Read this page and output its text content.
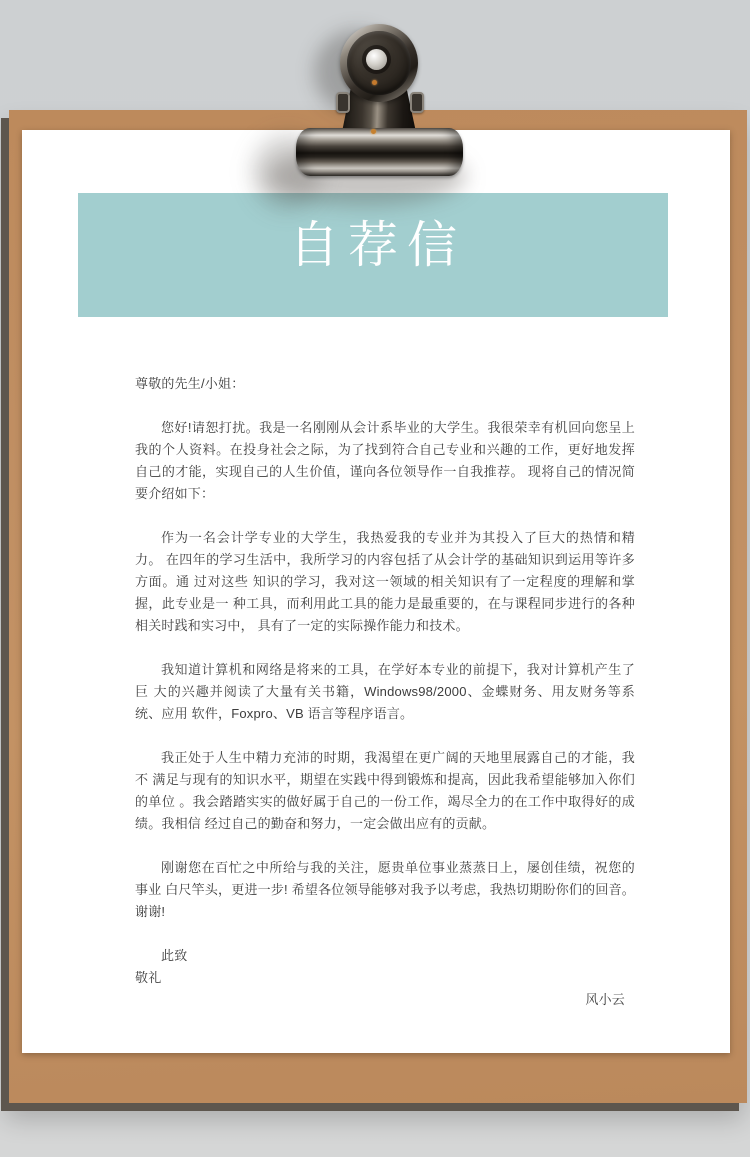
自荐信

尊敬的先生/小姐：

您好!请恕打扰。我是一名刚刚从会计系毕业的大学生。我很荣幸有机回向您呈上我的个人资料。在投身社会之际，为了找到符合自己专业和兴趣的工作，更好地发挥自己的才能，实现自己的人生价值，谨向各位领导作一自我推荐。 现将自己的情况简要介绍如下：

作为一名会计学专业的大学生，我热爱我的专业并为其投入了巨大的热情和精力。 在四年的学习生活中，我所学习的内容包括了从会计学的基础知识到运用等许多方面。通 过对这些 知识的学习，我对这一领域的相关知识有了一定程度的理解和掌握，此专业是一 种工具，而利用此工具的能力是最重要的，在与课程同步进行的各种相关时践和实习中， 具有了一定的实际操作能力和技术。

我知道计算机和网络是将来的工具，在学好本专业的前提下，我对计算机产生了巨 大的兴趣并阅读了大量有关书籍，Windows98/2000、金蝶财务、用友财务等系统、应用 软件，Foxpro、VB 语言等程序语言。

我正处于人生中精力充沛的时期，我渴望在更广阔的天地里展露自己的才能，我不 满足与现有的知识水平，期望在实践中得到锻炼和提高，因此我希望能够加入你们的单位 。我会踏踏实实的做好属于自己的一份工作，竭尽全力的在工作中取得好的成绩。我相信 经过自己的勤奋和努力，一定会做出应有的贡献。

刚谢您在百忙之中所给与我的关注，愿贵单位事业蒸蒸日上，屡创佳绩，祝您的事业 白尺竿头，更进一步! 希望各位领导能够对我予以考虑，我热切期盼你们的回音。谢谢!

此致

敬礼

风小云
